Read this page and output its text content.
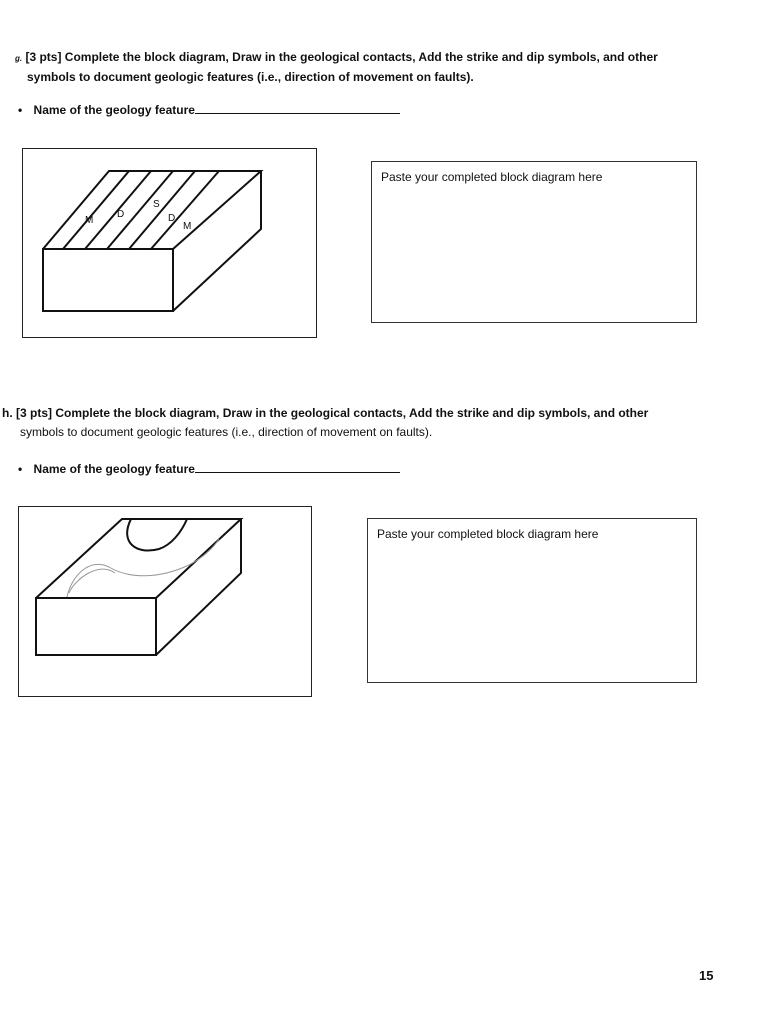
g. [3 pts] Complete the block diagram, Draw in the geological contacts, Add the strike and dip symbols, and other
symbols to document geologic features (i.e., direction of movement on faults).
• Name of the geology feature
M
D
S
D
M
Paste your completed block diagram here
h. [3 pts] Complete the block diagram, Draw in the geological contacts, Add the strike and dip symbols, and other
symbols to document geologic features (i.e., direction of movement on faults).
• Name of the geology feature
Paste your completed block diagram here
15
